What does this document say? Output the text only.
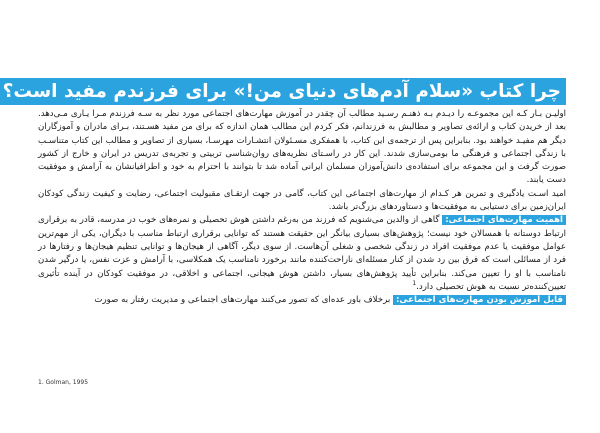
چرا کتاب «سلام آدم‌های دنیای من!» برای فرزندم مفید است؟

اولیـن بـار کـه این مجموعـه را دیـدم بـه ذهنـم رسـید مطالب آن چقدر در آموزش مهارت‌های اجتماعی مورد نظر به سـه فرزندم مـرا یـاری مـی‌دهد. بعد از خریدن کتاب و ارائه‌ی تصاویر و مطالبش به فرزندانم، فکر کردم این مطالب همان اندازه که برای من مفید هسـتند، بـرای مادران و آموزگاران دیگر هم مفیـد خواهند بود. بنابراین پس از ترجمه‌ی این کتاب، با همفکری مسـئولان انتشـارات مهرسـا، بسیاری از تصاویر و مطالب این کتاب متناسـب با زندگی اجتماعی و فرهنگی ما بومی‌سازی شدند. این کار در راسـتای نظریه‌های روان‌شناسی تربیتی و تجربه‌ی تدریس در ایران و خارج از کشور صورت گرفت و این مجموعه برای استفاده‌ی دانش‌آموزان مسلمان ایرانی آماده شد تا بتوانند با احترام به خود و اطرافیانشان به آرامش و موفقیت دست یابند.

امید اسـت یادگیری و تمرین هر کـدام از مهارت‌های اجتماعی این کتاب، گامی در جهت ارتقـای مقبولیت اجتماعی، رضایت و کیفیت زندگی کودکان ایران‌زمین برای دستیابی به موفقیت‌ها و دستاوردهای بزرگ‌تر باشد.

اهمیت مهارت‌های اجتماعی: گاهی از والدین می‌شنویم که فرزند من به‌رغم داشتن هوش تحصیلی و نمره‌های خوب در مدرسه، قادر به برقراری ارتباط دوستانه با همسالان خود نیست؛ پژوهش‌های بسیاری بیانگر این حقیقت هستند که توانایی برقراری ارتباط مناسب با دیگران، یکی از مهم‌ترین عوامل موفقیت یا عدم موفقیت افراد در زندگی شخصی و شغلی آن‌هاست. از سوی دیگر، آگاهی از هیجان‌ها و توانایی تنظیم هیجان‌ها و رفتارها در فرد از مسائلی است که فرق بین رد شدن از کنار مسئله‌ای ناراحت‌کننده مانند برخورد نامناسب یک همکلاسی، با آرامش و عزت نفس، یا درگیر شدن نامناسب با او را تعیین می‌کند. بنابراین تأیید پژوهش‌های بسیار، داشتن هوش هیجانی، اجتماعی و اخلاقی، در موفقیت کودکان در آینده تأثیری تعیین‌کننده‌تر نسبت به هوش تحصیلی دارد.$^1$

قابل آموزش بودن مهارت‌های اجتماعی: برخلاف باور عده‌ای که تصور می‌کنند مهارت‌های اجتماعی و مدیریت رفتار به صورت

1. Golman, 1995
